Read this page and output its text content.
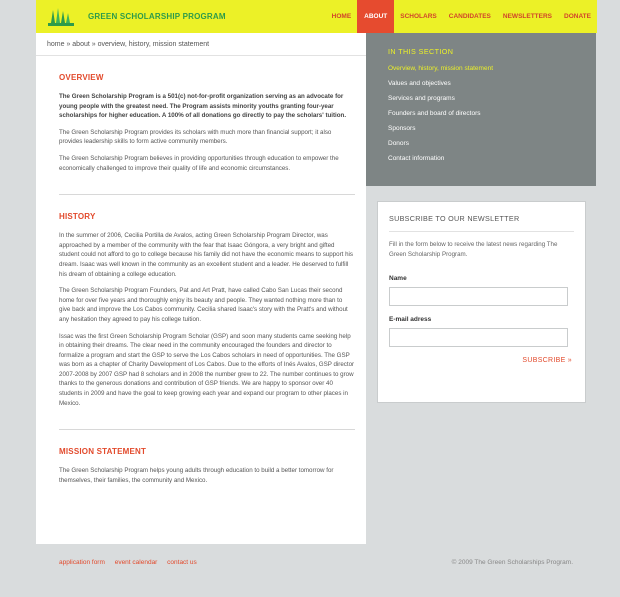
GREEN SCHOLARSHIP PROGRAM	HOME	ABOUT	SCHOLARS	CANDIDATES	NEWSLETTERS	DONATE
home » about » overview, history, mission statement
OVERVIEW

The Green Scholarship Program is a 501(c) not-for-profit organization serving as an advocate for young people with the greatest need. The Program assists minority youths granting four-year scholarships for higher education. A 100% of all donations go directly to pay the scholars' tuition.

The Green Scholarship Program provides its scholars with much more than financial support; it also provides leadership skills to form active community members.

The Green Scholarship Program believes in providing opportunities through education to empower the economically challenged to improve their quality of life and economic circumstances.

HISTORY

In the summer of 2006, Cecilia Portilla de Avalos, acting Green Scholarship Program Director, was approached by a member of the community with the fear that Isaac Góngora, a very bright and gifted student could not afford to go to college because his family did not have the economic means to support his dream. Isaac was well known in the community as an excellent student and a leader. He deserved to fulfill his dream of obtaining a college education.

The Green Scholarship Program Founders, Pat and Art Pratt, have called Cabo San Lucas their second home for over five years and thoroughly enjoy its beauty and people. They wanted nothing more than to give back and improve the Los Cabos community. Cecilia shared Isaac's story with the Pratt's and without any hesitation they agreed to pay his college tuition.

Issac was the first Green Scholarship Program Scholar (GSP) and soon many students came seeking help in obtaining their dreams. The clear need in the community encouraged the founders and director to formalize a program and start the GSP to serve the Los Cabos scholars in need of opportunities. The GSP was born as a chapter of Charity Development of Los Cabos. Due to the efforts of Inés Avalos, GSP director 2007-2008 by 2007 GSP had 8 scholars and in 2008 the number grew to 22. The number continues to grow thanks to the generous donations and contribution of GSP friends. We are happy to sponsor over 40 students in 2009 and have the goal to keep growing each year and expand our program to other places in Mexico.

MISSION STATEMENT

The Green Scholarship Program helps young adults through education to build a better tomorrow for themselves, their families, the community and Mexico.

IN THIS SECTION
Overview, history, mission statement
Values and objectives
Services and programs
Founders and board of directors
Sponsors
Donors
Contact information
SUBSCRIBE TO OUR NEWSLETTER
Fill in the form below to receive the latest news regarding The Green Scholarship Program.
Name
E-mail adress
SUBSCRIBE »
application form event calendar contact us	© 2009 The Green Scholarships Program.
